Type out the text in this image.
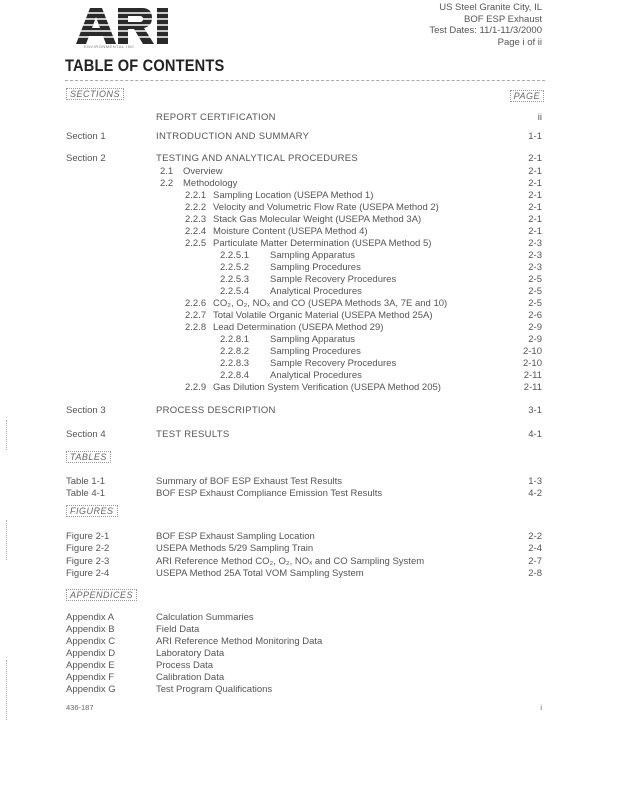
ARI
ENVIRONMENTAL INC
US Steel Granite City, IL
BOF ESP Exhaust
Test Dates: 11/1-11/3/2000
Page i of ii
TABLE OF CONTENTS
SECTIONS	PAGE
REPORT CERTIFICATION	ii
Section 1	INTRODUCTION AND SUMMARY	1-1
Section 2	TESTING AND ANALYTICAL PROCEDURES	2-1
2.1 Overview	2-1
2.2 Methodology	2-1
2.2.1 Sampling Location (USEPA Method 1)	2-1
2.2.2 Velocity and Volumetric Flow Rate (USEPA Method 2)	2-1
2.2.3 Stack Gas Molecular Weight (USEPA Method 3A)	2-1
2.2.4 Moisture Content (USEPA Method 4)	2-1
2.2.5 Particulate Matter Determination (USEPA Method 5)	2-3
2.2.5.1 Sampling Apparatus	2-3
2.2.5.2 Sampling Procedures	2-3
2.2.5.3 Sample Recovery Procedures	2-5
2.2.5.4 Analytical Procedures	2-5
2.2.6 CO₂, O₂, NOₓ and CO (USEPA Methods 3A, 7E and 10)	2-5
2.2.7 Total Volatile Organic Material (USEPA Method 25A)	2-6
2.2.8 Lead Determination (USEPA Method 29)	2-9
2.2.8.1 Sampling Apparatus	2-9
2.2.8.2 Sampling Procedures	2-10
2.2.8.3 Sample Recovery Procedures	2-10
2.2.8.4 Analytical Procedures	2-11
2.2.9 Gas Dilution System Verification (USEPA Method 205)	2-11
Section 3	PROCESS DESCRIPTION	3-1
Section 4	TEST RESULTS	4-1
TABLES
Table 1-1	Summary of BOF ESP Exhaust Test Results	1-3
Table 4-1	BOF ESP Exhaust Compliance Emission Test Results	4-2
FIGURES
Figure 2-1	BOF ESP Exhaust Sampling Location	2-2
Figure 2-2	USEPA Methods 5/29 Sampling Train	2-4
Figure 2-3	ARI Reference Method CO₂, O₂, NOₓ and CO Sampling System	2-7
Figure 2-4	USEPA Method 25A Total VOM Sampling System	2-8
APPENDICES
Appendix A	Calculation Summaries
Appendix B	Field Data
Appendix C	ARI Reference Method Monitoring Data
Appendix D	Laboratory Data
Appendix E	Process Data
Appendix F	Calibration Data
Appendix G	Test Program Qualifications
436-187	i
